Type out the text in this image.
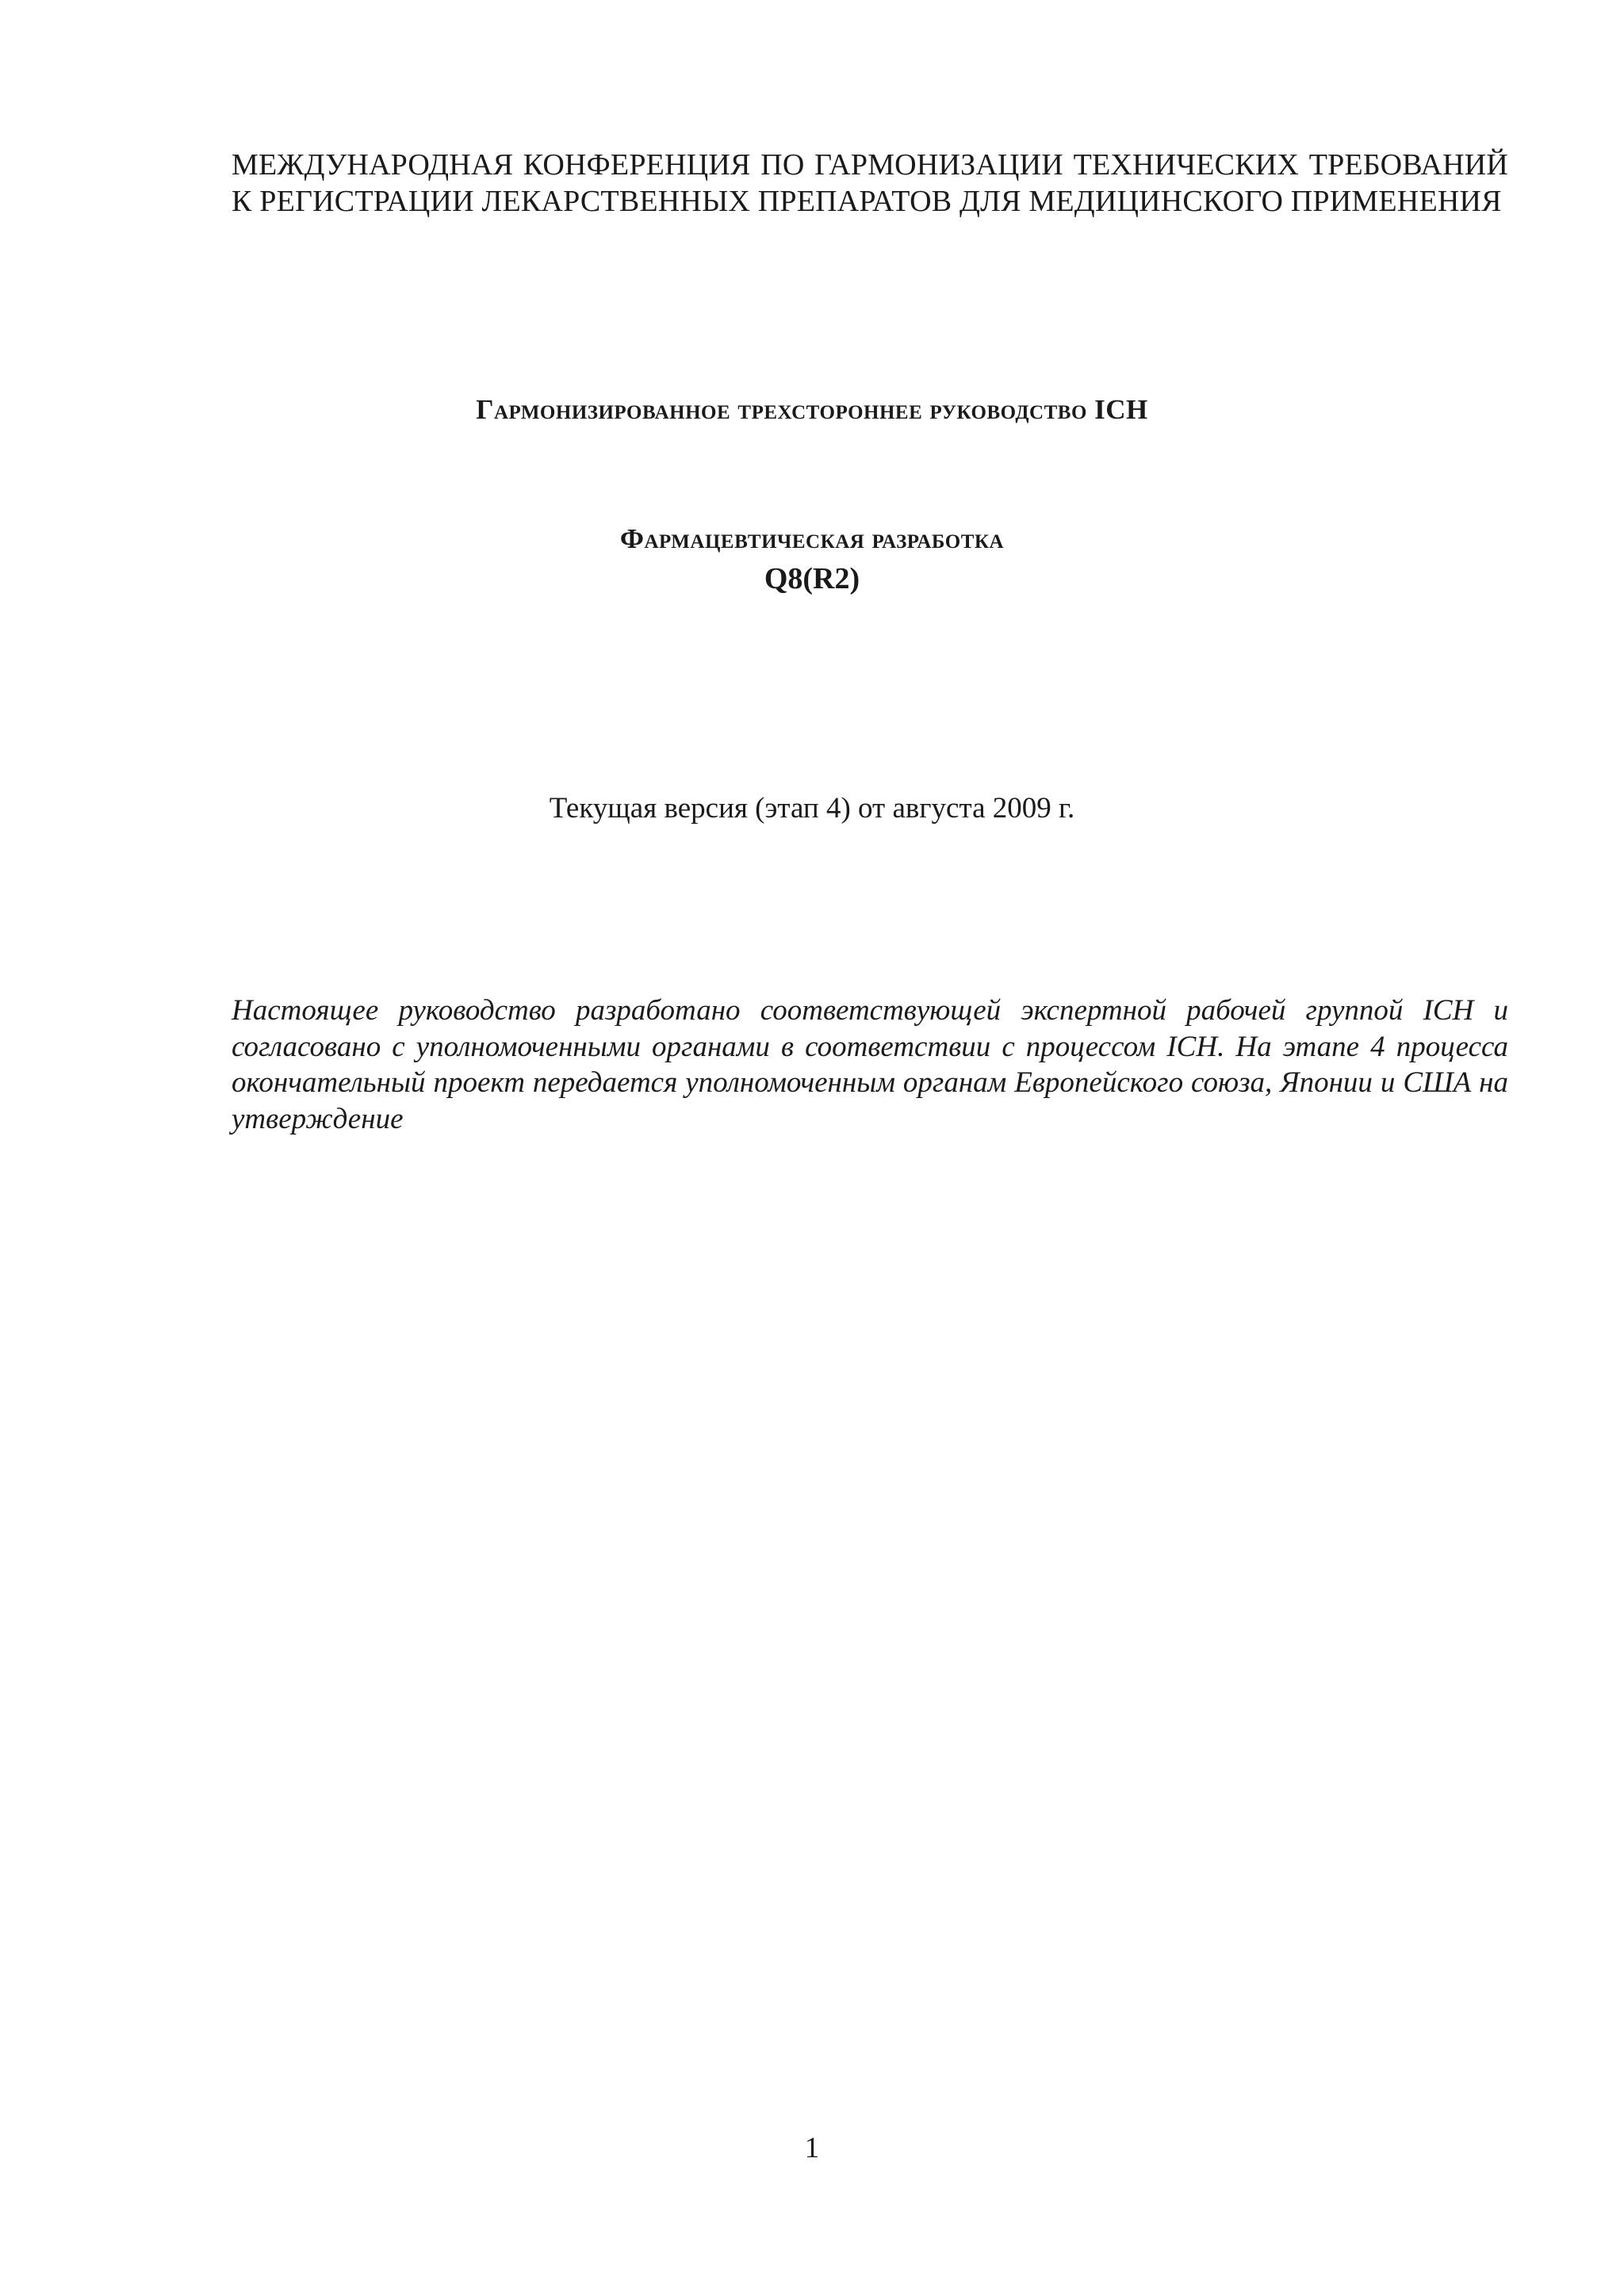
МЕЖДУНАРОДНАЯ КОНФЕРЕНЦИЯ ПО ГАРМОНИЗАЦИИ ТЕХНИЧЕСКИХ ТРЕБОВАНИЙ
К РЕГИСТРАЦИИ ЛЕКАРСТВЕННЫХ ПРЕПАРАТОВ ДЛЯ МЕДИЦИНСКОГО ПРИМЕНЕНИЯ
Гармонизированное трехстороннее руководство ICH
Фармацевтическая разработка
Q8(R2)
Текущая версия (этап 4) от августа 2009 г.
Настоящее руководство разработано соответствующей экспертной рабочей группой ICH и согласовано с уполномоченными органами в соответствии с процессом ICH. На этапе 4 процесса окончательный проект передается уполномоченным органам Европейского союза, Японии и США на утверждение
1
